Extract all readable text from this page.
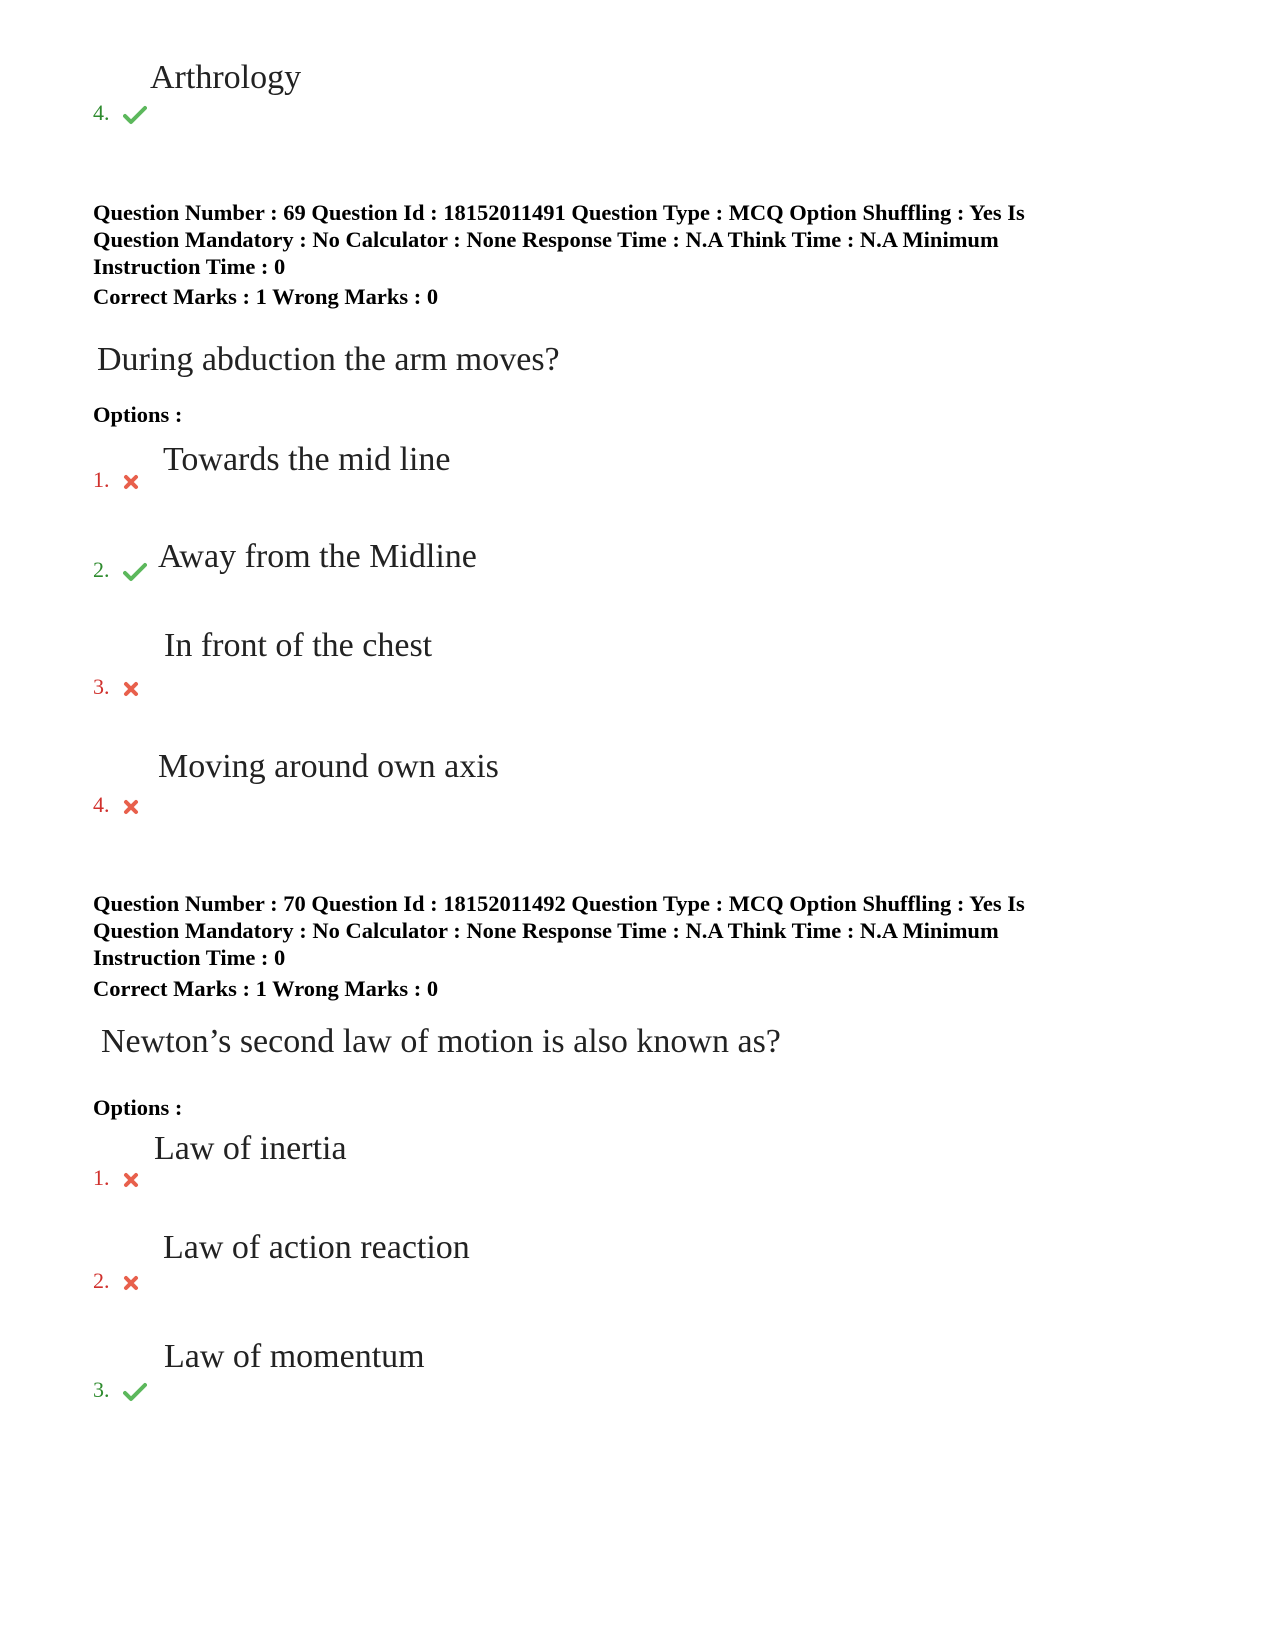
Arthrology
4.
Question Number : 69 Question Id : 18152011491 Question Type : MCQ Option Shuffling : Yes Is Question Mandatory : No Calculator : None Response Time : N.A Think Time : N.A Minimum Instruction Time : 0
Correct Marks : 1 Wrong Marks : 0
During abduction the arm moves?
Options :
Towards the mid line
1.
Away from the Midline
2.
In front of the chest
3.
Moving around own axis
4.
Question Number : 70 Question Id : 18152011492 Question Type : MCQ Option Shuffling : Yes Is Question Mandatory : No Calculator : None Response Time : N.A Think Time : N.A Minimum Instruction Time : 0
Correct Marks : 1 Wrong Marks : 0
Newton’s second law of motion is also known as?
Options :
Law of inertia
1.
Law of action reaction
2.
Law of momentum
3.
